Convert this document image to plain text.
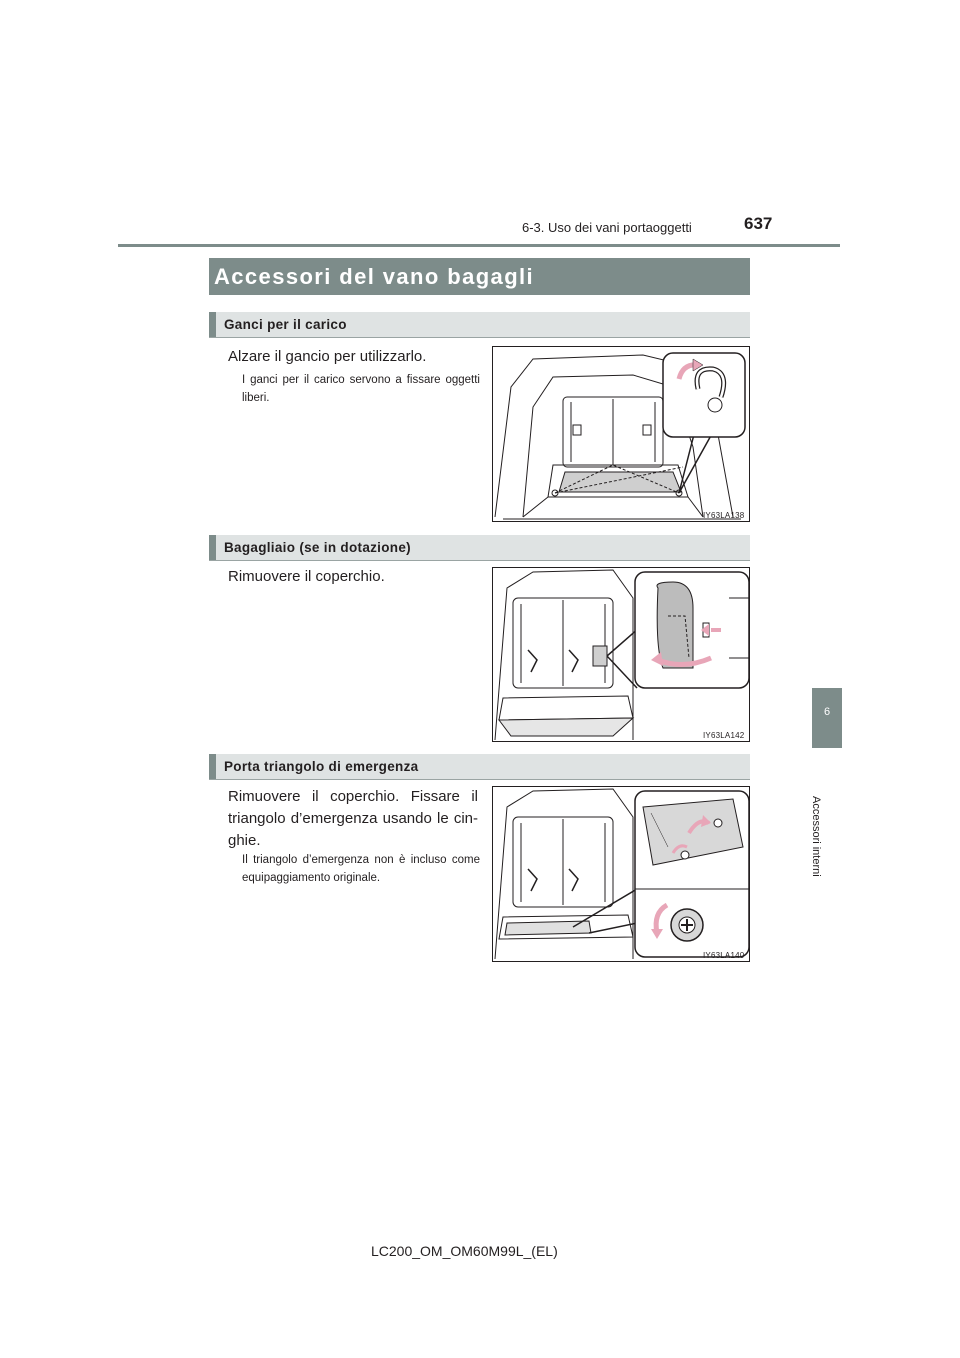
6-3. Uso dei vani portaoggetti	637
6
Accessori interni
Accessori del vano bagagli
Ganci per il carico
Alzare il gancio per utilizzarlo.
I ganci per il carico servono a fissare oggetti liberi.
IY63LA138
Bagagliaio (se in dotazione)
Rimuovere il coperchio.
IY63LA142
Porta triangolo di emergenza
Rimuovere il coperchio. Fissare il
triangolo d’emergenza usando le cin-
ghie.
Il triangolo d’emergenza non è incluso come equipaggiamento originale.
IY63LA140
LC200_OM_OM60M99L_(EL)
